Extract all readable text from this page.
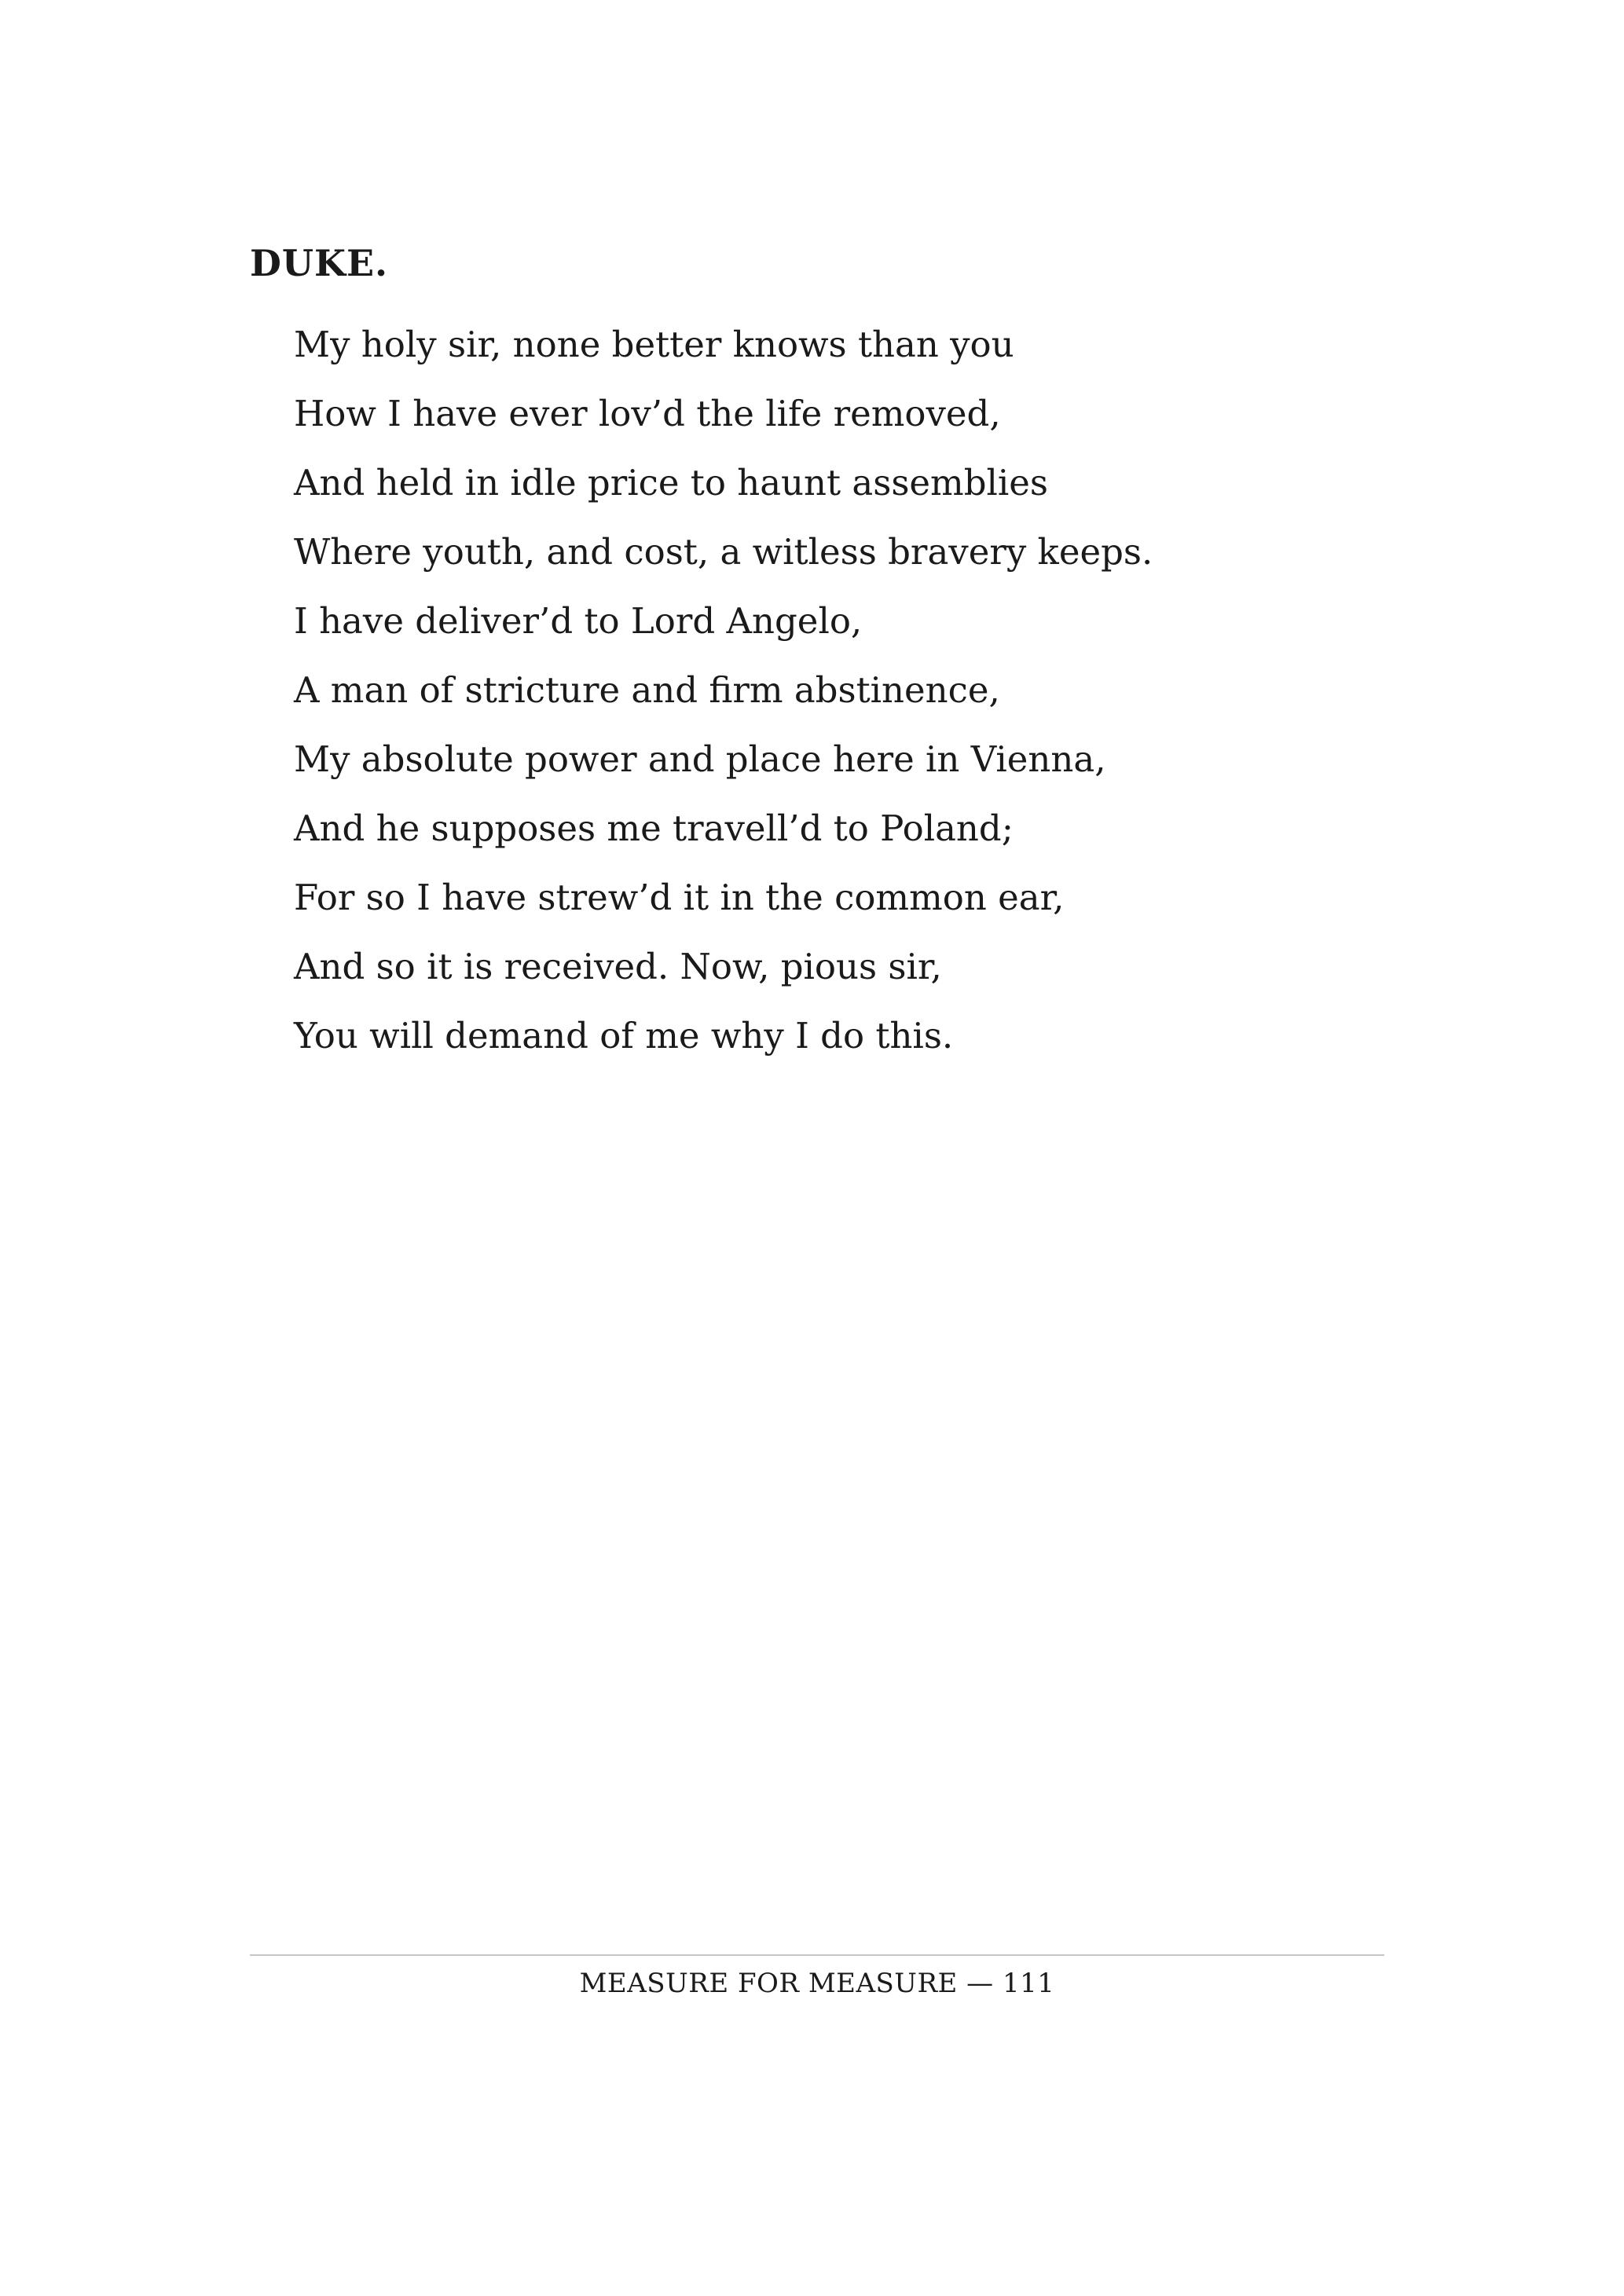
DUKE.

My holy sir, none better knows than you
How I have ever lov’d the life removed,
And held in idle price to haunt assemblies
Where youth, and cost, a witless bravery keeps.
I have deliver’d to Lord Angelo,
A man of stricture and firm abstinence,
My absolute power and place here in Vienna,
And he supposes me travell’d to Poland;
For so I have strew’d it in the common ear,
And so it is received. Now, pious sir,
You will demand of me why I do this.
MEASURE FOR MEASURE — 111
